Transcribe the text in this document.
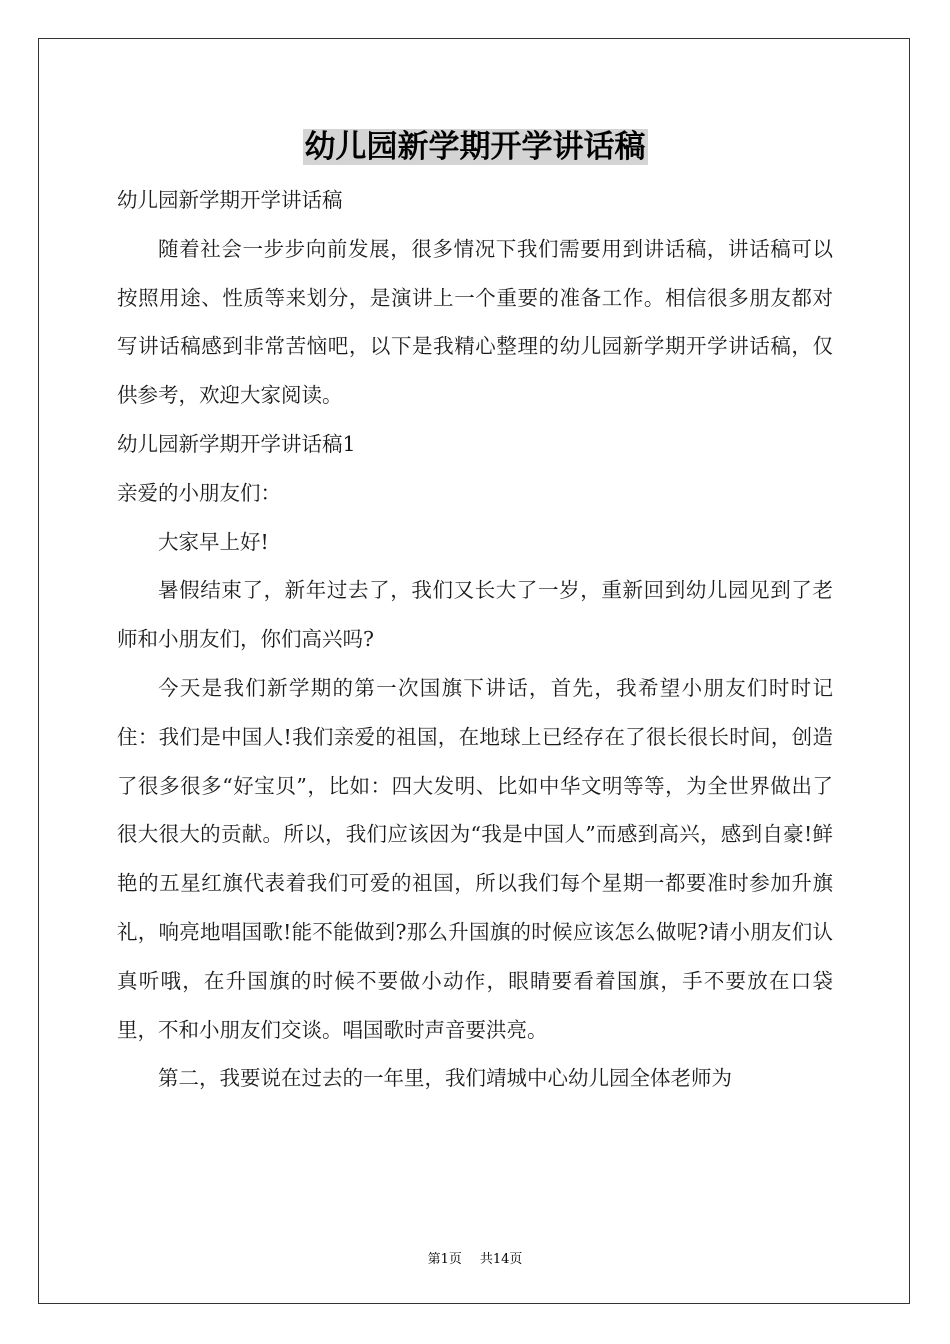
幼儿园新学期开学讲话稿

幼儿园新学期开学讲话稿

随着社会一步步向前发展，很多情况下我们需要用到讲话稿，讲话稿可以按照用途、性质等来划分，是演讲上一个重要的准备工作。相信很多朋友都对写讲话稿感到非常苦恼吧，以下是我精心整理的幼儿园新学期开学讲话稿，仅供参考，欢迎大家阅读。

幼儿园新学期开学讲话稿1

亲爱的小朋友们：

大家早上好!

暑假结束了，新年过去了，我们又长大了一岁，重新回到幼儿园见到了老师和小朋友们，你们高兴吗?

今天是我们新学期的第一次国旗下讲话，首先，我希望小朋友们时时记住：我们是中国人!我们亲爱的祖国，在地球上已经存在了很长很长时间，创造了很多很多“好宝贝”，比如：四大发明、比如中华文明等等，为全世界做出了很大很大的贡献。所以，我们应该因为“我是中国人”而感到高兴，感到自豪!鲜艳的五星红旗代表着我们可爱的祖国，所以我们每个星期一都要准时参加升旗礼，响亮地唱国歌!能不能做到?那么升国旗的时候应该怎么做呢?请小朋友们认真听哦，在升国旗的时候不要做小动作，眼睛要看着国旗，手不要放在口袋里，不和小朋友们交谈。唱国歌时声音要洪亮。

第二，我要说在过去的一年里，我们靖城中心幼儿园全体老师为

第1页 共14页
